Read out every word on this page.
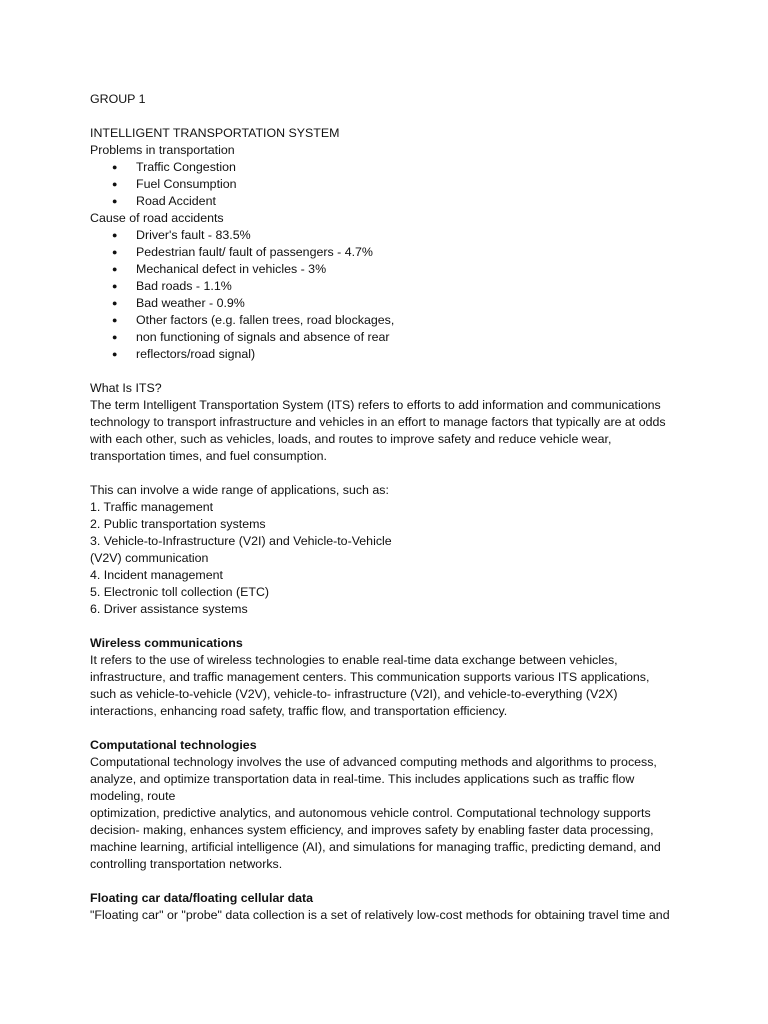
GROUP 1
INTELLIGENT TRANSPORTATION SYSTEM
Problems in transportation
● Traffic Congestion
● Fuel Consumption
● Road Accident
Cause of road accidents
● Driver's fault - 83.5%
● Pedestrian fault/ fault of passengers - 4.7%
● Mechanical defect in vehicles - 3%
● Bad roads - 1.1%
● Bad weather - 0.9%
● Other factors (e.g. fallen trees, road blockages,
● non functioning of signals and absence of rear
● reflectors/road signal)
What Is ITS?
The term Intelligent Transportation System (ITS) refers to efforts to add information and communications
technology to transport infrastructure and vehicles in an effort to manage factors that typically are at odds
with each other, such as vehicles, loads, and routes to improve safety and reduce vehicle wear,
transportation times, and fuel consumption.
This can involve a wide range of applications, such as:
1. Traffic management
2. Public transportation systems
3. Vehicle-to-Infrastructure (V2I) and Vehicle-to-Vehicle
(V2V) communication
4. Incident management
5. Electronic toll collection (ETC)
6. Driver assistance systems
Wireless communications
It refers to the use of wireless technologies to enable real-time data exchange between vehicles,
infrastructure, and traffic management centers. This communication supports various ITS applications,
such as vehicle-to-vehicle (V2V), vehicle-to- infrastructure (V2I), and vehicle-to-everything (V2X)
interactions, enhancing road safety, traffic flow, and transportation efficiency.
Computational technologies
Computational technology involves the use of advanced computing methods and algorithms to process,
analyze, and optimize transportation data in real-time. This includes applications such as traffic flow
modeling, route
optimization, predictive analytics, and autonomous vehicle control. Computational technology supports
decision- making, enhances system efficiency, and improves safety by enabling faster data processing,
machine learning, artificial intelligence (AI), and simulations for managing traffic, predicting demand, and
controlling transportation networks.
Floating car data/floating cellular data
"Floating car" or "probe" data collection is a set of relatively low-cost methods for obtaining travel time and
